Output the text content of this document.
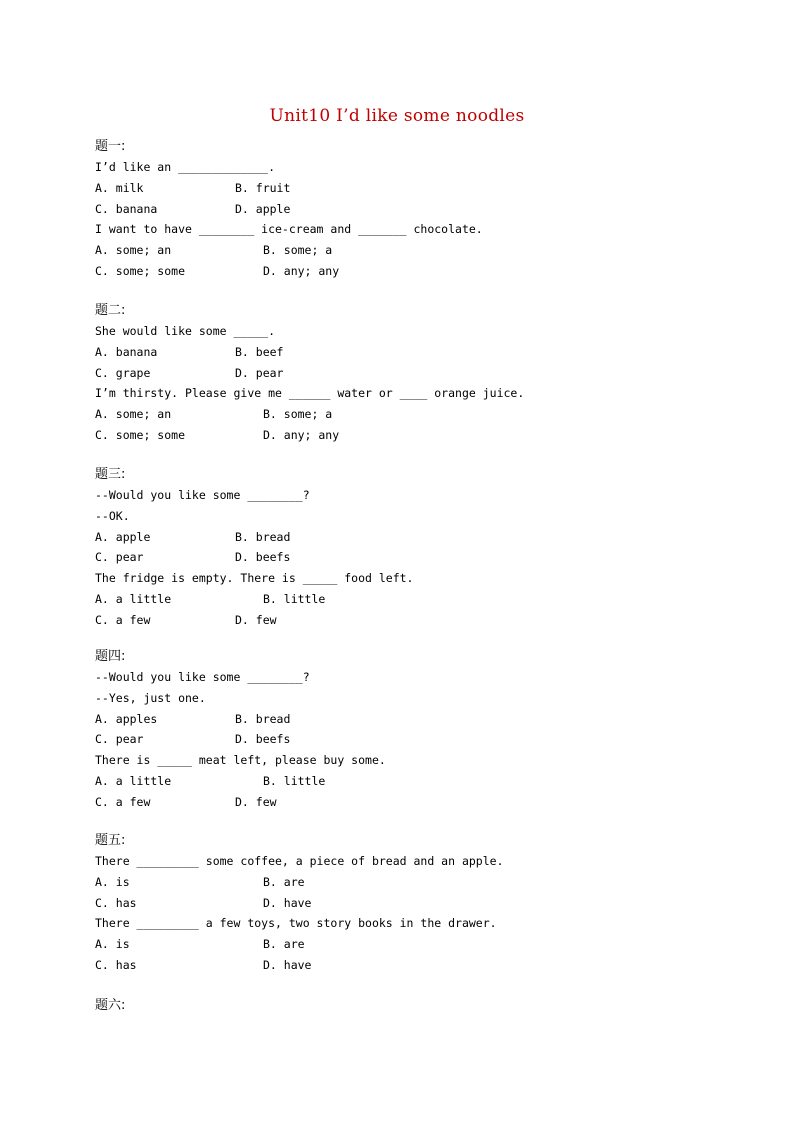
Unit10 I’d like some noodles
题一:
I’d like an _____________.

A. milk

	B. fruit

C. banana

	D. apple

I want to have ________ ice-cream and _______ chocolate.

A. some; an

	B. some; a

C. some; some

	D. any; any

题二:
She would like some _____.

A. banana

	B. beef

C. grape

	D. pear

I’m thirsty. Please give me ______ water or ____ orange juice.

A. some; an

	B. some; a

C. some; some

	D. any; any

题三:
--Would you like some ________?
--OK.

A. apple

	B. bread

C. pear

	D. beefs

The fridge is empty. There is _____ food left.

A. a little

	B. little

C. a few

	D. few

题四:
--Would you like some ________?
--Yes, just one.

A. apples

	B. bread

C. pear

	D. beefs

There is _____ meat left, please buy some.

A. a little

	B. little

C. a few

	D. few

题五:
There _________ some coffee, a piece of bread and an apple.

A. is

	B. are

C. has

	D. have

There _________ a few toys, two story books in the drawer.

A. is

	B. are

C. has

	D. have

题六:
